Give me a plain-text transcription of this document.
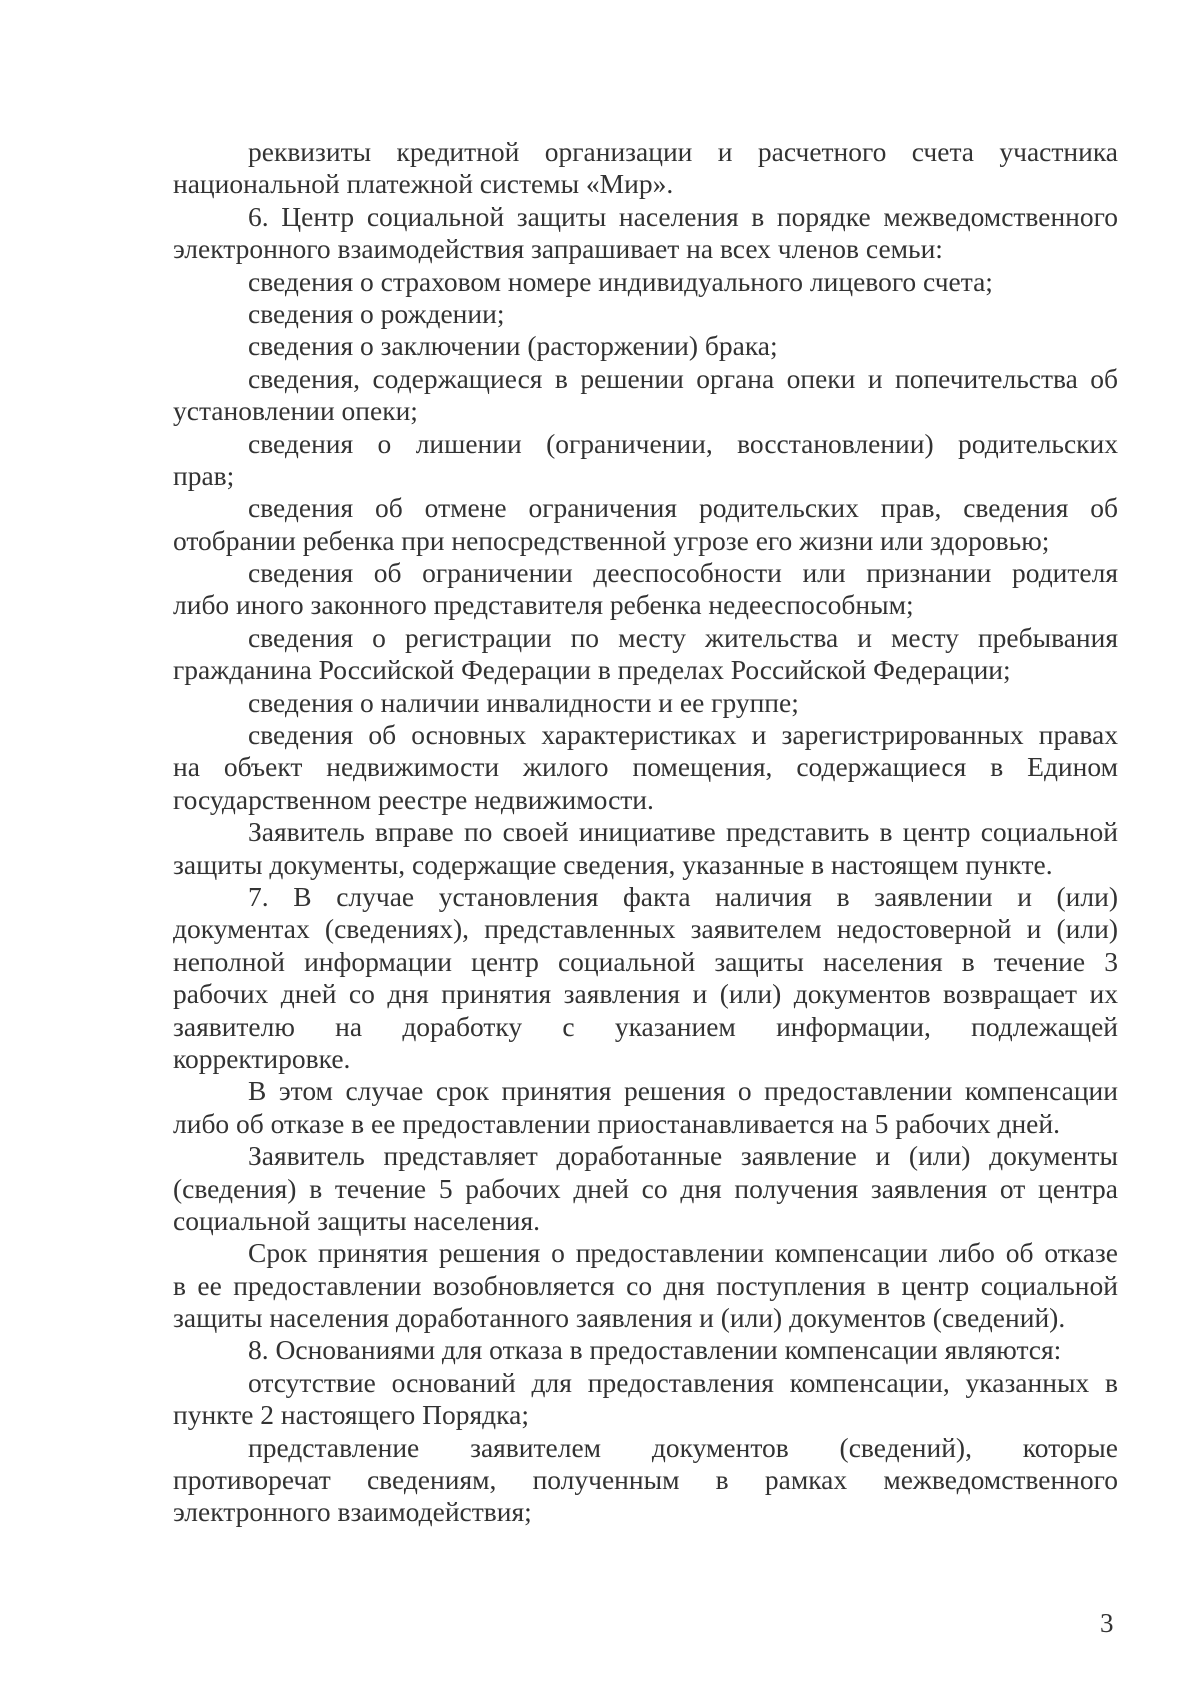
реквизиты кредитной организации и расчетного счета участника
национальной платежной системы «Мир».
6. Центр социальной защиты населения в порядке межведомственного
электронного взаимодействия запрашивает на всех членов семьи:
сведения о страховом номере индивидуального лицевого счета;
сведения о рождении;
сведения о заключении (расторжении) брака;
сведения, содержащиеся в решении органа опеки и попечительства об
установлении опеки;
сведения о лишении (ограничении, восстановлении) родительских
прав;
сведения об отмене ограничения родительских прав, сведения об
отобрании ребенка при непосредственной угрозе его жизни или здоровью;
сведения об ограничении дееспособности или признании родителя
либо иного законного представителя ребенка недееспособным;
сведения о регистрации по месту жительства и месту пребывания
гражданина Российской Федерации в пределах Российской Федерации;
сведения о наличии инвалидности и ее группе;
сведения об основных характеристиках и зарегистрированных правах
на объект недвижимости жилого помещения, содержащиеся в Едином
государственном реестре недвижимости.
Заявитель вправе по своей инициативе представить в центр социальной
защиты документы, содержащие сведения, указанные в настоящем пункте.
7. В случае установления факта наличия в заявлении и (или)
документах (сведениях), представленных заявителем недостоверной и (или)
неполной информации центр социальной защиты населения в течение 3
рабочих дней со дня принятия заявления и (или) документов возвращает их
заявителю на доработку с указанием информации, подлежащей
корректировке.
В этом случае срок принятия решения о предоставлении компенсации
либо об отказе в ее предоставлении приостанавливается на 5 рабочих дней.
Заявитель представляет доработанные заявление и (или) документы
(сведения) в течение 5 рабочих дней со дня получения заявления от центра
социальной защиты населения.
Срок принятия решения о предоставлении компенсации либо об отказе
в ее предоставлении возобновляется со дня поступления в центр социальной
защиты населения доработанного заявления и (или) документов (сведений).
8. Основаниями для отказа в предоставлении компенсации являются:
отсутствие оснований для предоставления компенсации, указанных в
пункте 2 настоящего Порядка;
представление заявителем документов (сведений), которые
противоречат сведениям, полученным в рамках межведомственного
электронного взаимодействия;
3
